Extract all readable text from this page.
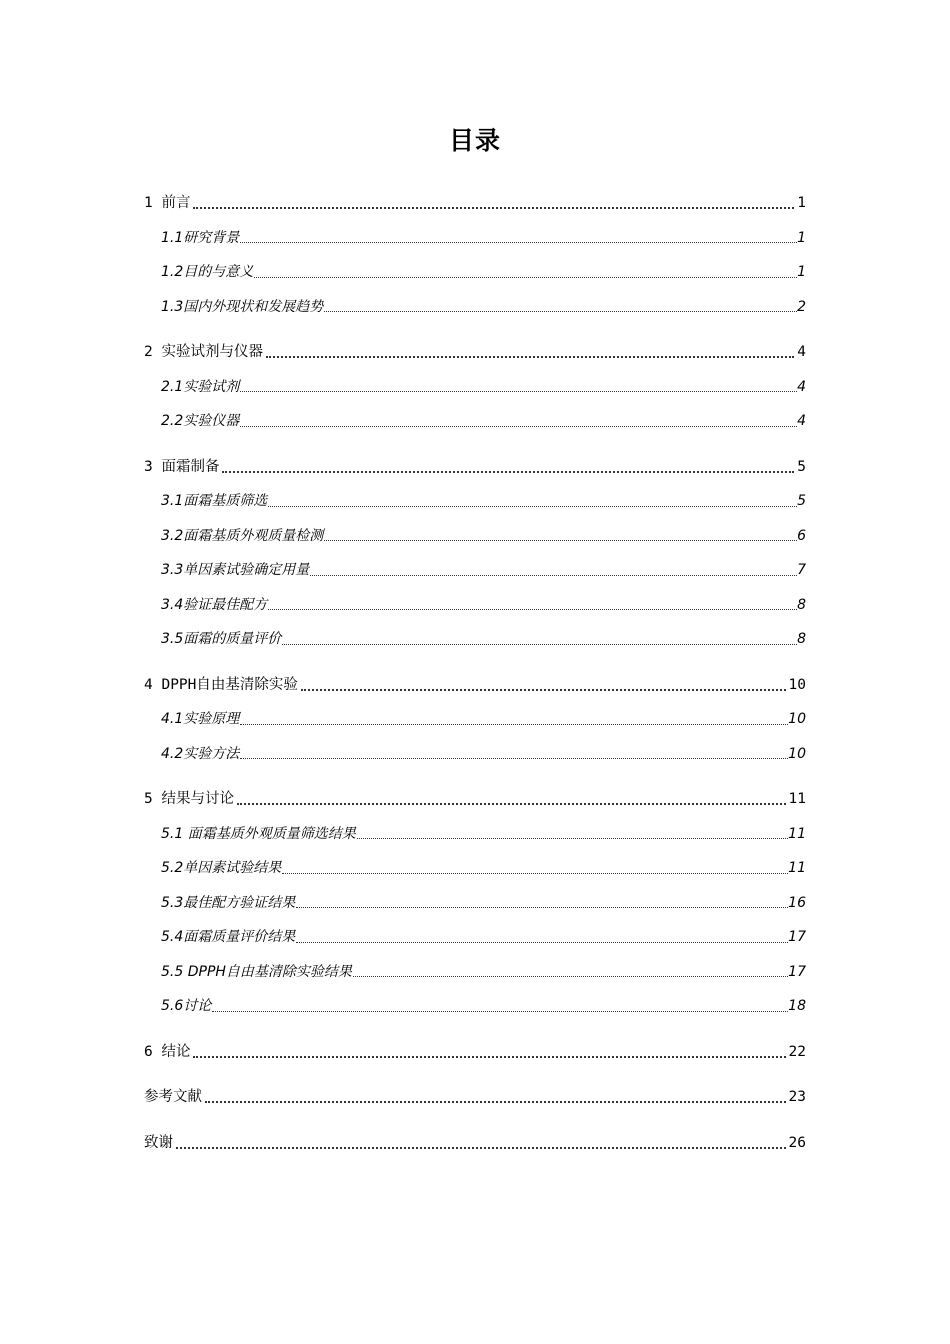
目录
1 前言	1
1.1研究背景	1
1.2目的与意义	1
1.3国内外现状和发展趋势	2
2 实验试剂与仪器	4
2.1实验试剂	4
2.2实验仪器	4
3 面霜制备	5
3.1面霜基质筛选	5
3.2面霜基质外观质量检测	6
3.3单因素试验确定用量	7
3.4验证最佳配方	8
3.5面霜的质量评价	8
4 DPPH自由基清除实验	10
4.1实验原理	10
4.2实验方法	10
5 结果与讨论	11
5.1 面霜基质外观质量筛选结果	11
5.2单因素试验结果	11
5.3最佳配方验证结果	16
5.4面霜质量评价结果	17
5.5 DPPH自由基清除实验结果	17
5.6讨论	18
6 结论	22
参考文献	23
致谢	26
